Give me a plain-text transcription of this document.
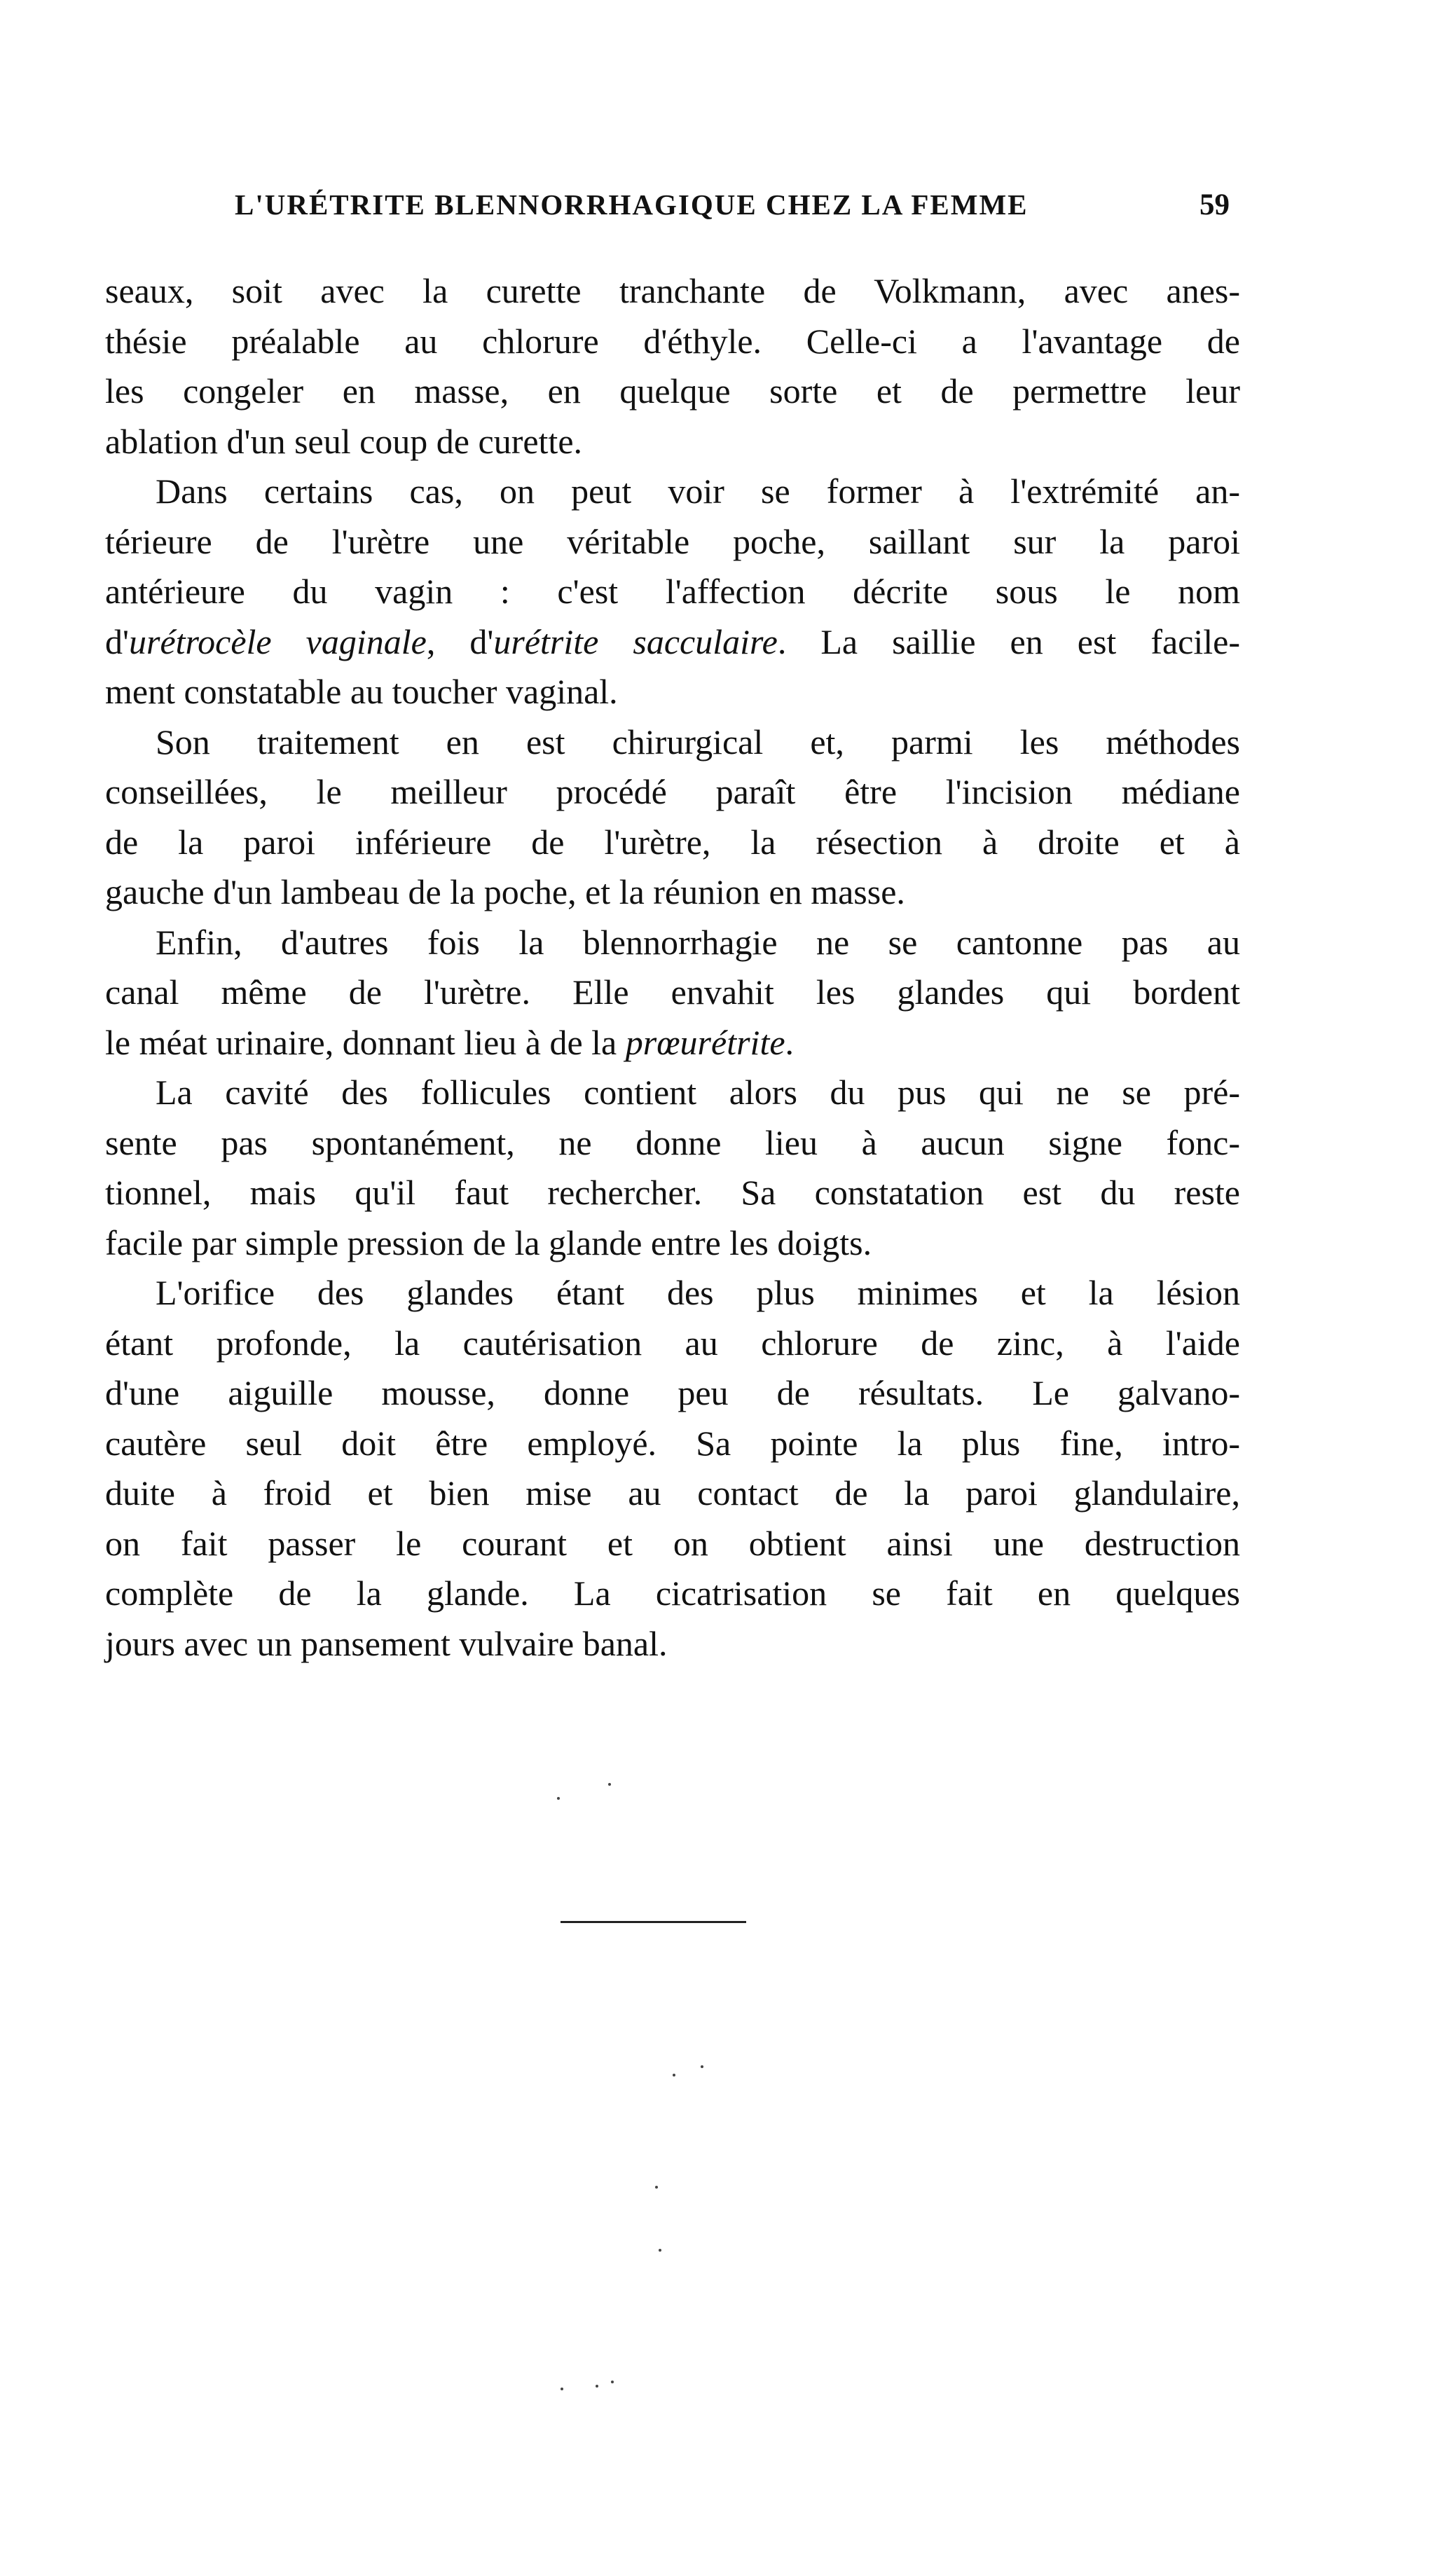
L'URÉTRITE BLENNORRHAGIQUE CHEZ LA FEMME	59
seaux, soit avec la curette tranchante de Volkmann, avec anes-
thésie préalable au chlorure d'éthyle. Celle-ci a l'avantage de
les congeler en masse, en quelque sorte et de permettre leur
ablation d'un seul coup de curette.
Dans certains cas, on peut voir se former à l'extrémité an-
térieure de l'urètre une véritable poche, saillant sur la paroi
antérieure du vagin : c'est l'affection décrite sous le nom
d'urétrocèle vaginale, d'urétrite sacculaire. La saillie en est facile-
ment constatable au toucher vaginal.
Son traitement en est chirurgical et, parmi les méthodes
conseillées, le meilleur procédé paraît être l'incision médiane
de la paroi inférieure de l'urètre, la résection à droite et à
gauche d'un lambeau de la poche, et la réunion en masse.
Enfin, d'autres fois la blennorrhagie ne se cantonne pas au
canal même de l'urètre. Elle envahit les glandes qui bordent
le méat urinaire, donnant lieu à de la prœurétrite.
La cavité des follicules contient alors du pus qui ne se pré-
sente pas spontanément, ne donne lieu à aucun signe fonc-
tionnel, mais qu'il faut rechercher. Sa constatation est du reste
facile par simple pression de la glande entre les doigts.
L'orifice des glandes étant des plus minimes et la lésion
étant profonde, la cautérisation au chlorure de zinc, à l'aide
d'une aiguille mousse, donne peu de résultats. Le galvano-
cautère seul doit être employé. Sa pointe la plus fine, intro-
duite à froid et bien mise au contact de la paroi glandulaire,
on fait passer le courant et on obtient ainsi une destruction
complète de la glande. La cicatrisation se fait en quelques
jours avec un pansement vulvaire banal.
